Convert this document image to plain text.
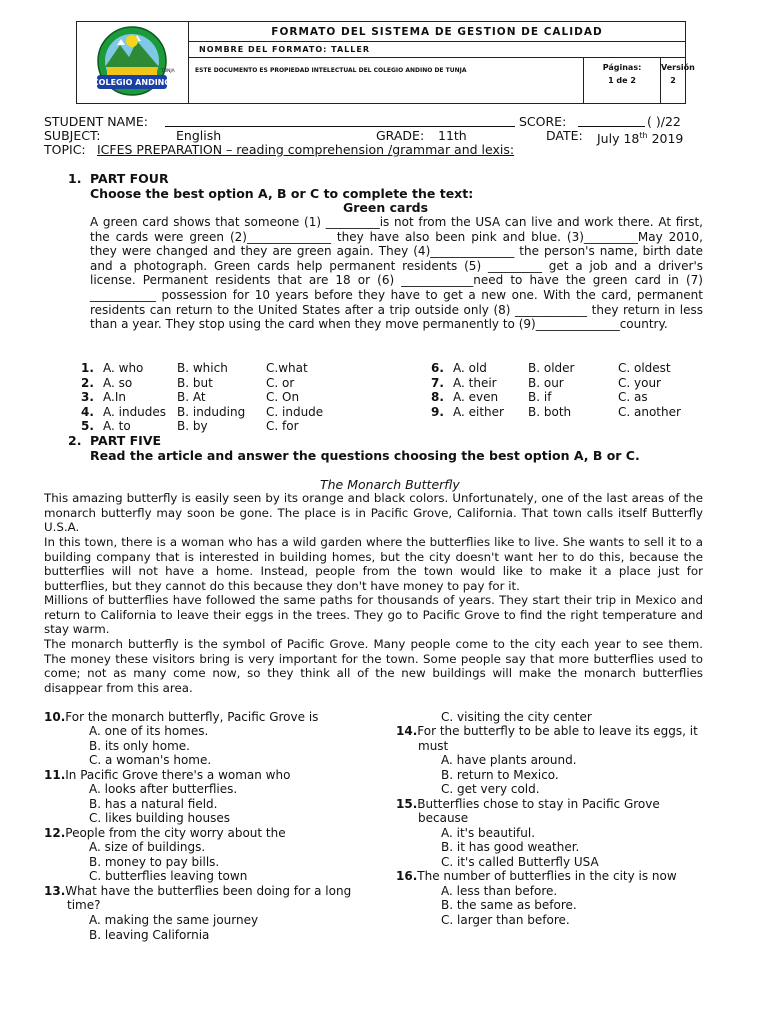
COLEGIO ANDINO
TUNJA
FORMATO DEL SISTEMA DE GESTION DE CALIDAD
NOMBRE DEL FORMATO: TALLER
ESTE DOCUMENTO ES PROPIEDAD INTELECTUAL DEL COLEGIO ANDINO DE TUNJA	Páginas:
1 de 2
Versión
2
STUDENT NAME:	SCORE:	( )/22
SUBJECT:	English	GRADE: 11th	DATE: July 18th 2019
TOPIC: ICFES PREPARATION – reading comprehension /grammar and lexis:
1. PART FOUR
Choose the best option A, B or C to complete the text:
Green cards
A green card shows that someone (1) _________is not from the USA can live and work there. At first, the cards were green (2)______________ they have also been pink and blue. (3)_________May 2010, they were changed and they are green again. They (4)______________ the person's name, birth date and a photograph. Green cards help permanent residents (5) _________ get a job and a driver's license. Permanent residents that are 18 or (6) ____________need to have the green card in (7) ___________ possession for 10 years before they have to get a new one. With the card, permanent residents can return to the United States after a trip outside only (8) ____________ they return in less than a year. They stop using the card when they move permanently to (9)______________country.
1. A. who	B. which	C.what
2. A. so	B. but	C. or
3. A.In	B. At	C. On
4. A. indudes B. induding C. indude
5. A. to	B. by	C. for
6. A. old	B. older	C. oldest
7. A. their	B. our	C. your
8. A. even B. if	C. as
9. A. either B. both	C. another
2. PART FIVE
Read the article and answer the questions choosing the best option A, B or C.
The Monarch Butterfly
This amazing butterfly is easily seen by its orange and black colors. Unfortunately, one of the last areas of the monarch butterfly may soon be gone. The place is in Pacific Grove, California. That town calls itself Butterfly U.S.A.
In this town, there is a woman who has a wild garden where the butterflies like to live. She wants to sell it to a building company that is interested in building homes, but the city doesn't want her to do this, because the butterflies will not have a home. Instead, people from the town would like to make it a place just for butterflies, but they cannot do this because they don't have money to pay for it.
Millions of butterflies have followed the same paths for thousands of years. They start their trip in Mexico and return to California to leave their eggs in the trees. They go to Pacific Grove to find the right temperature and stay warm.
The monarch butterfly is the symbol of Pacific Grove. Many people come to the city each year to see them. The money these visitors bring is very important for the town. Some people say that more butterflies used to come; not as many come now, so they think all of the new buildings will make the monarch butterflies disappear from this area.
10.For the monarch butterfly, Pacific Grove is
A. one of its homes.
B. its only home.
C. a woman's home.
11.In Pacific Grove there's a woman who
A. looks after butterflies.
B. has a natural field.
C. likes building houses
12.People from the city worry about the
A. size of buildings.
B. money to pay bills.
C. butterflies leaving town
13.What have the butterflies been doing for a long
time?
A. making the same journey
B. leaving California
C. visiting the city center
14.For the butterfly to be able to leave its eggs, it
must
A. have plants around.
B. return to Mexico.
C. get very cold.
15.Butterflies chose to stay in Pacific Grove
because
A. it's beautiful.
B. it has good weather.
C. it's called Butterfly USA
16.The number of butterflies in the city is now
A. less than before.
B. the same as before.
C. larger than before.
